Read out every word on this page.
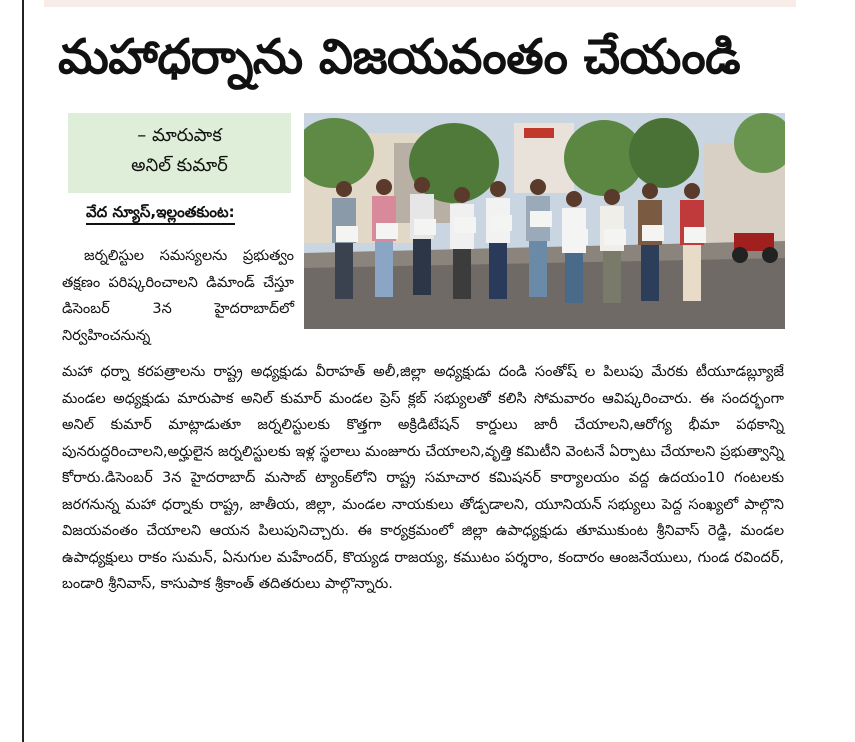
మహాధర్నాను విజయవంతం చేయండి
– మారుపాక
అనిల్ కుమార్
వేద న్యూస్,ఇల్లంతకుంట:

జర్నలిస్టుల సమస్యలను ప్రభుత్వం తక్షణం పరిష్కరించాలని డిమాండ్ చేస్తూ డిసెంబర్ 3న హైదరాబాద్‌లో నిర్వహించనున్న

మహా ధర్నా కరపత్రాలను రాష్ట్ర అధ్యక్షుడు వీరాహత్ అలీ,జిల్లా అధ్యక్షుడు దండి సంతోష్ ల పిలుపు మేరకు టీయూడబ్ల్యూజే మండల అధ్యక్షుడు మారుపాక అనిల్ కుమార్ మండల ప్రెస్ క్లబ్ సభ్యులతో కలిసి సోమవారం ఆవిష్కరించారు. ఈ సందర్భంగా అనిల్ కుమార్ మాట్లాడుతూ జర్నలిస్టులకు కొత్తగా అక్రిడిటేషన్ కార్డులు జారీ చేయాలని,ఆరోగ్య భీమా పథకాన్ని పునరుద్ధరించాలని,అర్హులైన జర్నలిస్టులకు ఇళ్ల స్థలాలు మంజూరు చేయాలని,వృత్తి కమిటీని వెంటనే ఏర్పాటు చేయాలని ప్రభుత్వాన్ని కోరారు.డిసెంబర్ 3న హైదరాబాద్ మసాబ్ ట్యాంక్‌లోని రాష్ట్ర సమాచార కమిషనర్ కార్యాలయం వద్ద ఉదయం10 గంటలకు జరగనున్న మహా ధర్నాకు రాష్ట్ర, జాతీయ, జిల్లా, మండల నాయకులు తోడ్పడాలని, యూనియన్ సభ్యులు పెద్ద సంఖ్యలో పాల్గొని విజయవంతం చేయాలని ఆయన పిలుపునిచ్చారు. ఈ కార్యక్రమంలో జిల్లా ఉపాధ్యక్షుడు తూముకుంట శ్రీనివాస్ రెడ్డి, మండల ఉపాధ్యక్షులు రాకం సుమన్, ఏనుగుల మహేందర్, కొయ్యడ రాజయ్య, కముటం పర్శరాం, కందారం ఆంజనేయులు, గుండ రవిందర్, బండారి శ్రీనివాస్, కాసుపాక శ్రీకాంత్ తదితరులు పాల్గొన్నారు.
